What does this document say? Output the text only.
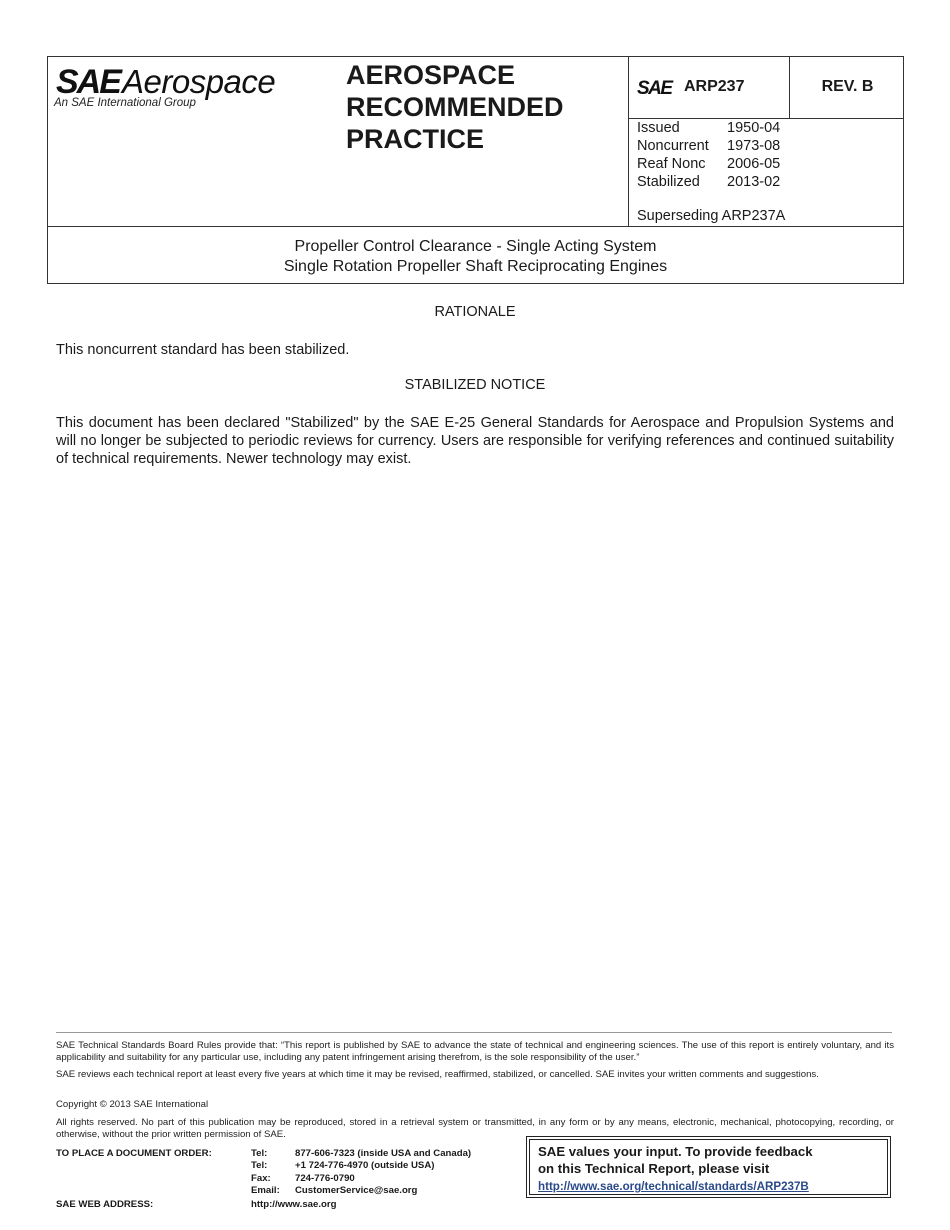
SAE Aerospace
An SAE International Group
AEROSPACE
RECOMMENDED
PRACTICE
SAE ARP237	REV. B
Issued	1950-04
Noncurrent	1973-08
Reaf Nonc	2006-05
Stabilized	2013-02
Superseding ARP237A
Propeller Control Clearance - Single Acting System
Single Rotation Propeller Shaft Reciprocating Engines
RATIONALE
This noncurrent standard has been stabilized.
STABILIZED NOTICE
This document has been declared "Stabilized" by the SAE E-25 General Standards for Aerospace and Propulsion Systems and will no longer be subjected to periodic reviews for currency. Users are responsible for verifying references and continued suitability of technical requirements. Newer technology may exist.
SAE Technical Standards Board Rules provide that: “This report is published by SAE to advance the state of technical and engineering sciences. The use of this report is entirely voluntary, and its applicability and suitability for any particular use, including any patent infringement arising therefrom, is the sole responsibility of the user.”
SAE reviews each technical report at least every five years at which time it may be revised, reaffirmed, stabilized, or cancelled. SAE invites your written comments and suggestions.
Copyright © 2013 SAE International
All rights reserved. No part of this publication may be reproduced, stored in a retrieval system or transmitted, in any form or by any means, electronic, mechanical, photocopying, recording, or otherwise, without the prior written permission of SAE.
TO PLACE A DOCUMENT ORDER:	Tel:	877-606-7323 (inside USA and Canada)
Tel:	+1 724-776-4970 (outside USA)
Fax:	724-776-0790
Email:	CustomerService@sae.org
SAE WEB ADDRESS:	http://www.sae.org
SAE values your input. To provide feedback
on this Technical Report, please visit
http://www.sae.org/technical/standards/ARP237B
